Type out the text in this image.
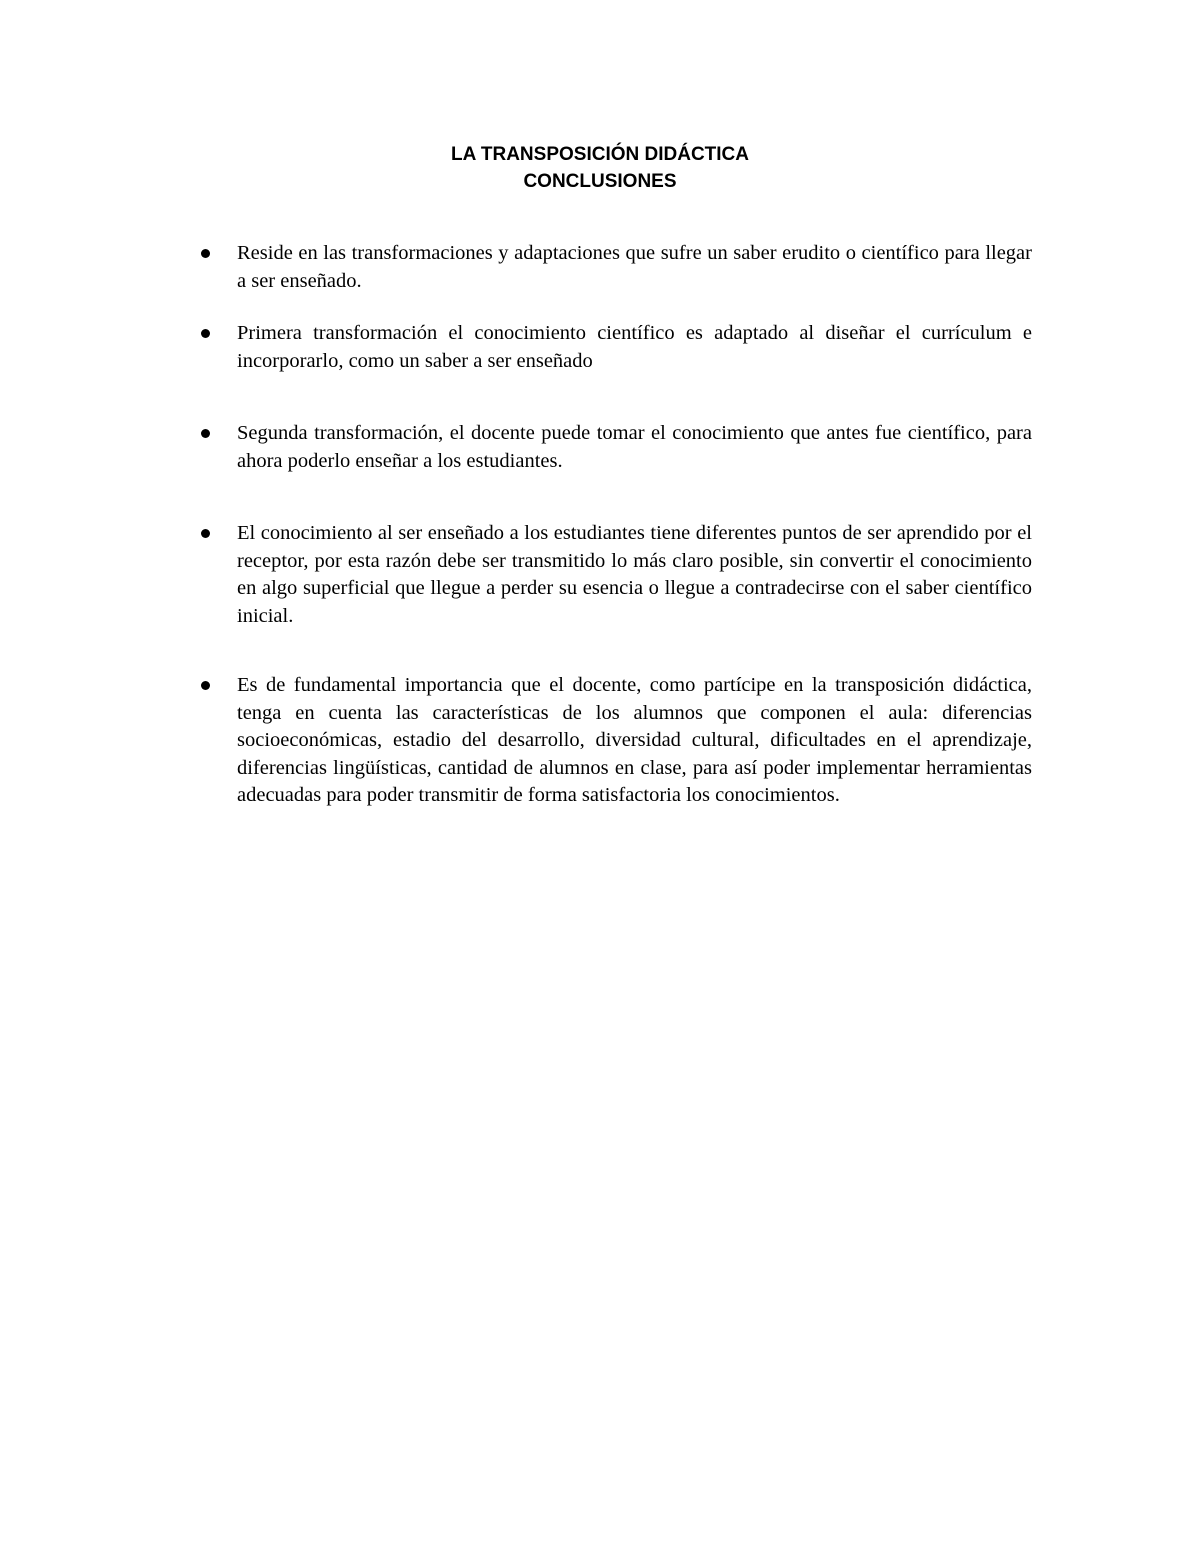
LA TRANSPOSICIÓN DIDÁCTICA
CONCLUSIONES
Reside en las transformaciones y adaptaciones que sufre un saber erudito o científico para llegar a ser enseñado.
Primera transformación el conocimiento científico es adaptado al diseñar el currículum e incorporarlo, como un saber a ser enseñado
Segunda transformación, el docente puede tomar el conocimiento que antes fue científico, para ahora poderlo enseñar a los estudiantes.
El conocimiento al ser enseñado a los estudiantes tiene diferentes puntos de ser aprendido por el receptor, por esta razón debe ser transmitido lo más claro posible, sin convertir el conocimiento en algo superficial que llegue a perder su esencia o llegue a contradecirse con el saber científico inicial.
Es de fundamental importancia que el docente, como partícipe en la transposición didáctica, tenga en cuenta las características de los alumnos que componen el aula: diferencias socioeconómicas, estadio del desarrollo, diversidad cultural, dificultades en el aprendizaje, diferencias lingüísticas, cantidad de alumnos en clase, para así poder implementar herramientas adecuadas para poder transmitir de forma satisfactoria los conocimientos.
